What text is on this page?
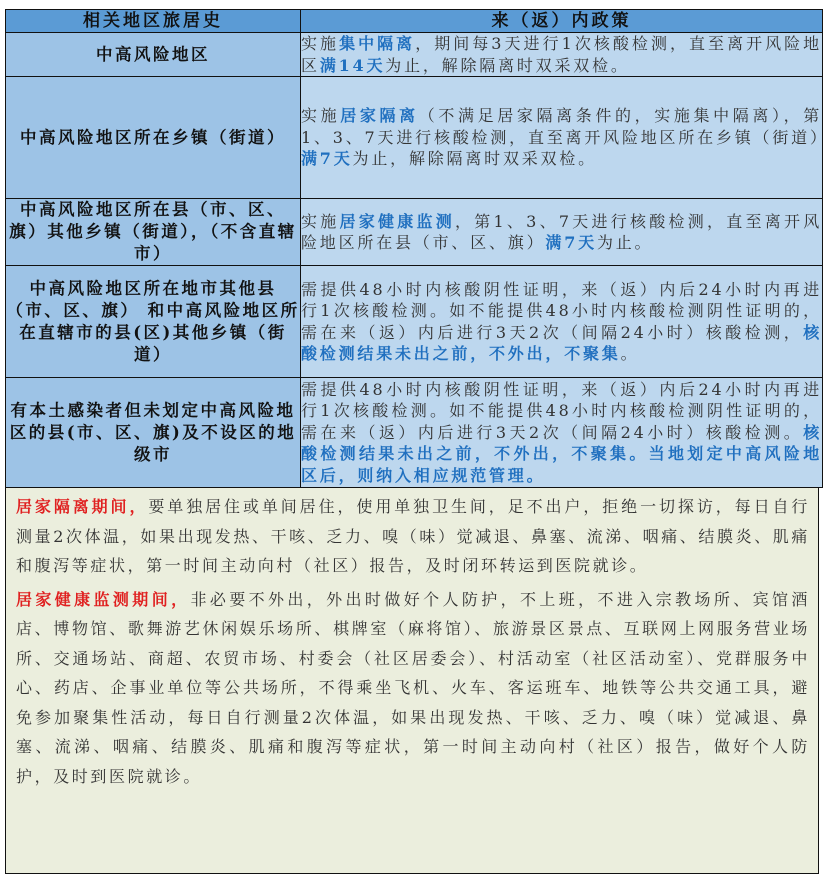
相关地区旅居史	来（返）内政策
中高风险地区	实施集中隔离，期间每3天进行1次核酸检测，直至离开风险地区满14天为止，解除隔离时双采双检。
中高风险地区所在乡镇（街道）	实施居家隔离（不满足居家隔离条件的，实施集中隔离），第1、3、7天进行核酸检测，直至离开风险地区所在乡镇（街道）满7天为止，解除隔离时双采双检。
中高风险地区所在县（市、区、旗）其他乡镇（街道），（不含直辖市）	实施居家健康监测，第1、3、7天进行核酸检测，直至离开风险地区所在县（市、区、旗）满7天为止。
中高风险地区所在地市其他县（市、区、旗） 和中高风险地区所在直辖市的县(区)其他乡镇（街道）	需提供48小时内核酸阴性证明，来（返）内后24小时内再进行1次核酸检测。如不能提供48小时内核酸检测阴性证明的，需在来（返）内后进行3天2次（间隔24小时）核酸检测，核酸检测结果未出之前，不外出，不聚集。
有本土感染者但未划定中高风险地区的县(市、区、旗)及不设区的地级市	需提供48小时内核酸阴性证明，来（返）内后24小时内再进行1次核酸检测。如不能提供48小时内核酸检测阴性证明的，需在来（返）内后进行3天2次（间隔24小时）核酸检测。核酸检测结果未出之前，不外出，不聚集。当地划定中高风险地区后，则纳入相应规范管理。

居家隔离期间，要单独居住或单间居住，使用单独卫生间，足不出户，拒绝一切探访，每日自行测量2次体温，如果出现发热、干咳、乏力、嗅（味）觉减退、鼻塞、流涕、咽痛、结膜炎、肌痛和腹泻等症状，第一时间主动向村（社区）报告，及时闭环转运到医院就诊。

居家健康监测期间，非必要不外出，外出时做好个人防护，不上班，不进入宗教场所、宾馆酒店、博物馆、歌舞游艺休闲娱乐场所、棋牌室（麻将馆）、旅游景区景点、互联网上网服务营业场所、交通场站、商超、农贸市场、村委会（社区居委会）、村活动室（社区活动室）、党群服务中心、药店、企事业单位等公共场所，不得乘坐飞机、火车、客运班车、地铁等公共交通工具，避免参加聚集性活动，每日自行测量2次体温，如果出现发热、干咳、乏力、嗅（味）觉减退、鼻塞、流涕、咽痛、结膜炎、肌痛和腹泻等症状，第一时间主动向村（社区）报告，做好个人防护，及时到医院就诊。
